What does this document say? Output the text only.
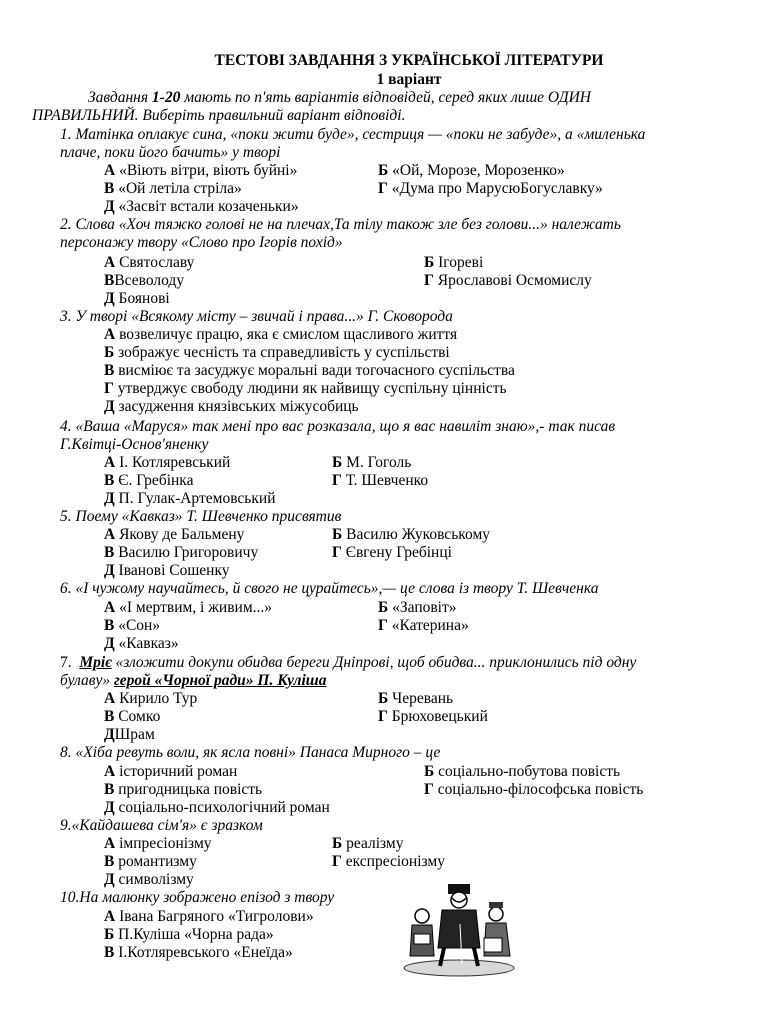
ТЕСТОВІ ЗАВДАННЯ З УКРАЇНСЬКОЇ ЛІТЕРАТУРИ
1 варіант
Завдання 1-20 мають по п'ять варіантів відповідей, серед яких лише ОДИН
ПРАВИЛЬНИЙ. Виберіть правильний варіант відповіді.
1. Матінка оплакує сина, «поки жити буде», сестриця — «поки не забуде», а «миленька
плаче, поки його бачить» у творі
А «Віють вітри, віють буйні»	Б «Ой, Морозе, Морозенко»
В «Ой летіла стріла»	Г «Дума про МарусюБогуславку»
Д «Засвіт встали козаченьки»
2. Слова «Хоч тяжко голові не на плечах,Та тілу також зле без голови...» належать
персонажу твору «Слово про Ігорів похід»
А Святославу	Б Ігореві
ВВсеволоду	Г Ярославові Осмомислу
Д Бояновi
3. У творі «Всякому місту – звичай і права...» Г. Сковорода
А возвеличує працю, яка є смислом щасливого життя
Б зображує чесність та справедливість у суспільстві
В висміює та засуджує моральні вади тогочасного суспільства
Г утверджує свободу людини як найвищу суспільну цінність
Д засудження князівських міжусобиць
4. «Ваша «Маруся» так мені про вас розказала, що я вас навиліт знаю»,- так писав
Г.Квітці-Основ'яненку
А І. Котляревський	Б М. Гоголь
В Є. Гребінка	Г Т. Шевченко
Д П. Гулак-Артемовський
5. Поему «Кавказ» Т. Шевченко присвятив
А Якову де Бальмену	Б Василю Жуковському
В Василю Григоровичу	Г Євгену Гребінці
Д Іванові Сошенку
6. «І чужому научайтесь, й свого не цурайтесь»,— це слова із твору Т. Шевченка
А «І мертвим, і живим...»	Б «Заповіт»
В «Сон»	Г «Катерина»
Д «Кавказ»
7. Мріє «зложити докупи обидва береги Дніпрові, щоб обидва... приклонились під одну
булаву» герой «Чорної ради» П. Куліша
А Кирило Тур	Б Черевань
В Сомко	Г Брюховецький
ДШрам
8. «Хіба ревуть воли, як ясла повні» Панаса Мирного – це
А історичний роман	Б соціально-побутова повість
В пригодницька повість	Г соціально-філософська повість
Д соціально-психологічний роман
9.«Кайдашева сім'я» є зразком
А імпресіонізму	Б реалізму
В романтизму	Г експресіонізму
Д символізму
10.На малюнку зображено епізод з твору
А Івана Багряного «Тигролови»
Б П.Куліша «Чорна рада»
В І.Котляревського «Енеїда»
